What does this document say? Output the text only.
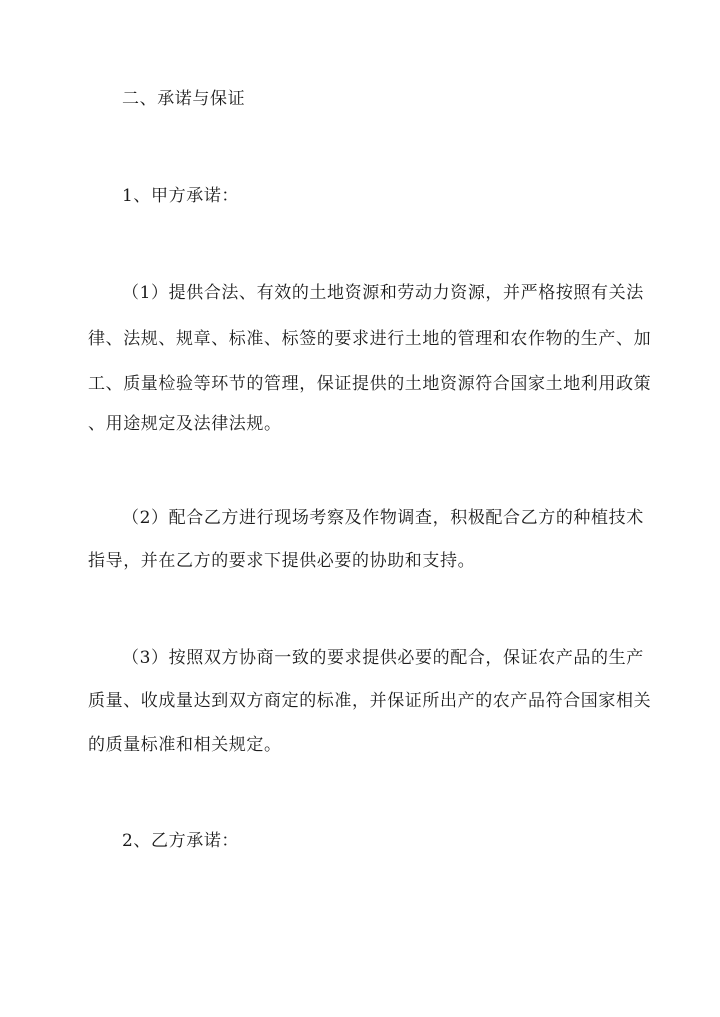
二、承诺与保证
1、甲方承诺：
（1）提供合法、有效的土地资源和劳动力资源，并严格按照有关法
律、法规、规章、标准、标签的要求进行土地的管理和农作物的生产、加
工、质量检验等环节的管理，保证提供的土地资源符合国家土地利用政策
、用途规定及法律法规。
（2）配合乙方进行现场考察及作物调查，积极配合乙方的种植技术
指导，并在乙方的要求下提供必要的协助和支持。
（3）按照双方协商一致的要求提供必要的配合，保证农产品的生产
质量、收成量达到双方商定的标准，并保证所出产的农产品符合国家相关
的质量标准和相关规定。
2、乙方承诺：
